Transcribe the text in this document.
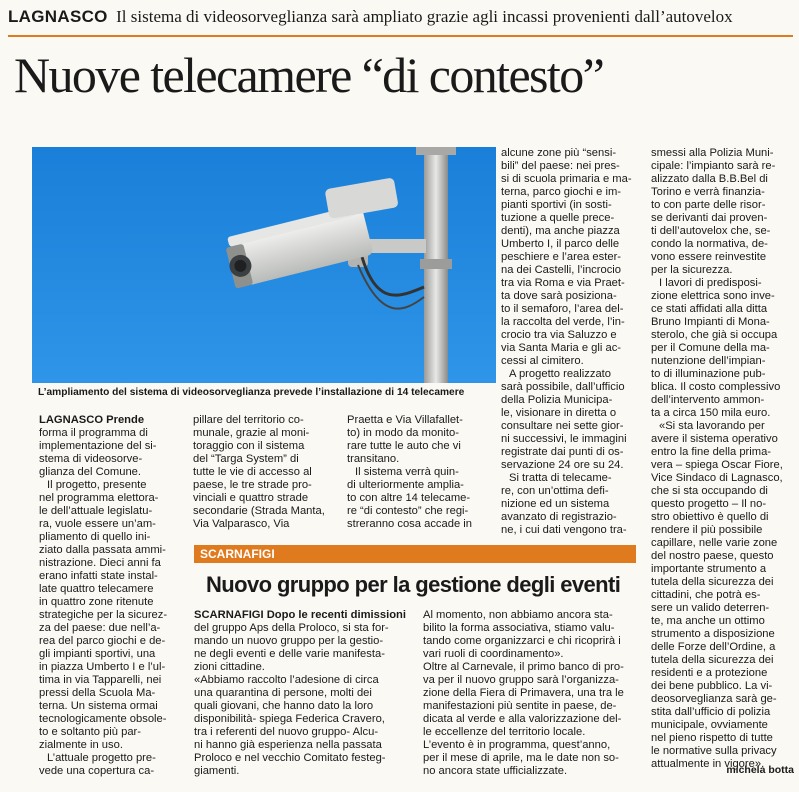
LAGNASCO Il sistema di videosorveglianza sarà ampliato grazie agli incassi provenienti dall’autovelox
Nuove telecamere “di contesto”
L’ampliamento del sistema di videosorveglianza prevede l’installazione di 14 telecamere
LAGNASCO Prende
forma il programma di
implementazione del si-
stema di videosorve-
glianza del Comune.
Il progetto, presente
nel programma elettora-
le dell’attuale legislatu-
ra, vuole essere un’am-
pliamento di quello ini-
ziato dalla passata ammi-
nistrazione. Dieci anni fa
erano infatti state instal-
late quattro telecamere
in quattro zone ritenute
strategiche per la sicurez-
za del paese: due nell’a-
rea del parco giochi e de-
gli impianti sportivi, una
in piazza Umberto I e l’ul-
tima in via Tapparelli, nei
pressi della Scuola Ma-
terna. Un sistema ormai
tecnologicamente obsole-
to e soltanto più par-
zialmente in uso.
L’attuale progetto pre-
vede una copertura ca-
pillare del territorio co-
munale, grazie al moni-
toraggio con il sistema
del “Targa System” di
tutte le vie di accesso al
paese, le tre strade pro-
vinciali e quattro strade
secondarie (Strada Manta,
Via Valparasco, Via
Praetta e Via Villafallet-
to) in modo da monito-
rare tutte le auto che vi
transitano.
Il sistema verrà quin-
di ulteriormente amplia-
to con altre 14 telecame-
re “di contesto” che regi-
streranno cosa accade in
alcune zone più “sensi-
bili” del paese: nei pres-
si di scuola primaria e ma-
terna, parco giochi e im-
pianti sportivi (in sosti-
tuzione a quelle prece-
denti), ma anche piazza
Umberto I, il parco delle
peschiere e l’area ester-
na dei Castelli, l’incrocio
tra via Roma e via Praet-
ta dove sarà posiziona-
to il semaforo, l’area del-
la raccolta del verde, l’in-
crocio tra via Saluzzo e
via Santa Maria e gli ac-
cessi al cimitero.
A progetto realizzato
sarà possibile, dall’ufficio
della Polizia Municipa-
le, visionare in diretta o
consultare nei sette gior-
ni successivi, le immagini
registrate dai punti di os-
servazione 24 ore su 24.
Si tratta di telecame-
re, con un’ottima defi-
nizione ed un sistema
avanzato di registrazio-
ne, i cui dati vengono tra-
smessi alla Polizia Muni-
cipale: l’impianto sarà re-
alizzato dalla B.B.Bel di
Torino e verrà finanzia-
to con parte delle risor-
se derivanti dai proven-
ti dell’autovelox che, se-
condo la normativa, de-
vono essere reinvestite
per la sicurezza.
I lavori di predisposi-
zione elettrica sono inve-
ce stati affidati alla ditta
Bruno Impianti di Mona-
sterolo, che già si occupa
per il Comune della ma-
nutenzione dell’impian-
to di illuminazione pub-
blica. Il costo complessivo
dell’intervento ammon-
ta a circa 150 mila euro.
«Si sta lavorando per
avere il sistema operativo
entro la fine della prima-
vera – spiega Oscar Fiore,
Vice Sindaco di Lagnasco,
che si sta occupando di
questo progetto – Il no-
stro obiettivo è quello di
rendere il più possibile
capillare, nelle varie zone
del nostro paese, questo
importante strumento a
tutela della sicurezza dei
cittadini, che potrà es-
sere un valido deterren-
te, ma anche un ottimo
strumento a disposizione
delle Forze dell’Ordine, a
tutela della sicurezza dei
residenti e a protezione
dei bene pubblico. La vi-
deosorveglianza sarà ge-
stita dall’ufficio di polizia
municipale, ovviamente
nel pieno rispetto di tutte
le normative sulla privacy
attualmente in vigore».
michela botta
SCARNAFIGI
Nuovo gruppo per la gestione degli eventi
SCARNAFIGI Dopo le recenti dimissioni
del gruppo Aps della Proloco, si sta for-
mando un nuovo gruppo per la gestio-
ne degli eventi e delle varie manifesta-
zioni cittadine.
«Abbiamo raccolto l’adesione di circa
una quarantina di persone, molti dei
quali giovani, che hanno dato la loro
disponibilità- spiega Federica Cravero,
tra i referenti del nuovo gruppo- Alcu-
ni hanno già esperienza nella passata
Proloco e nel vecchio Comitato festeg-
giamenti.
Al momento, non abbiamo ancora sta-
bilito la forma associativa, stiamo valu-
tando come organizzarci e chi ricoprirà i
vari ruoli di coordinamento».
Oltre al Carnevale, il primo banco di pro-
va per il nuovo gruppo sarà l’organizza-
zione della Fiera di Primavera, una tra le
manifestazioni più sentite in paese, de-
dicata al verde e alla valorizzazione del-
le eccellenze del territorio locale.
L’evento è in programma, quest’anno,
per il mese di aprile, ma le date non so-
no ancora state ufficializzate.
